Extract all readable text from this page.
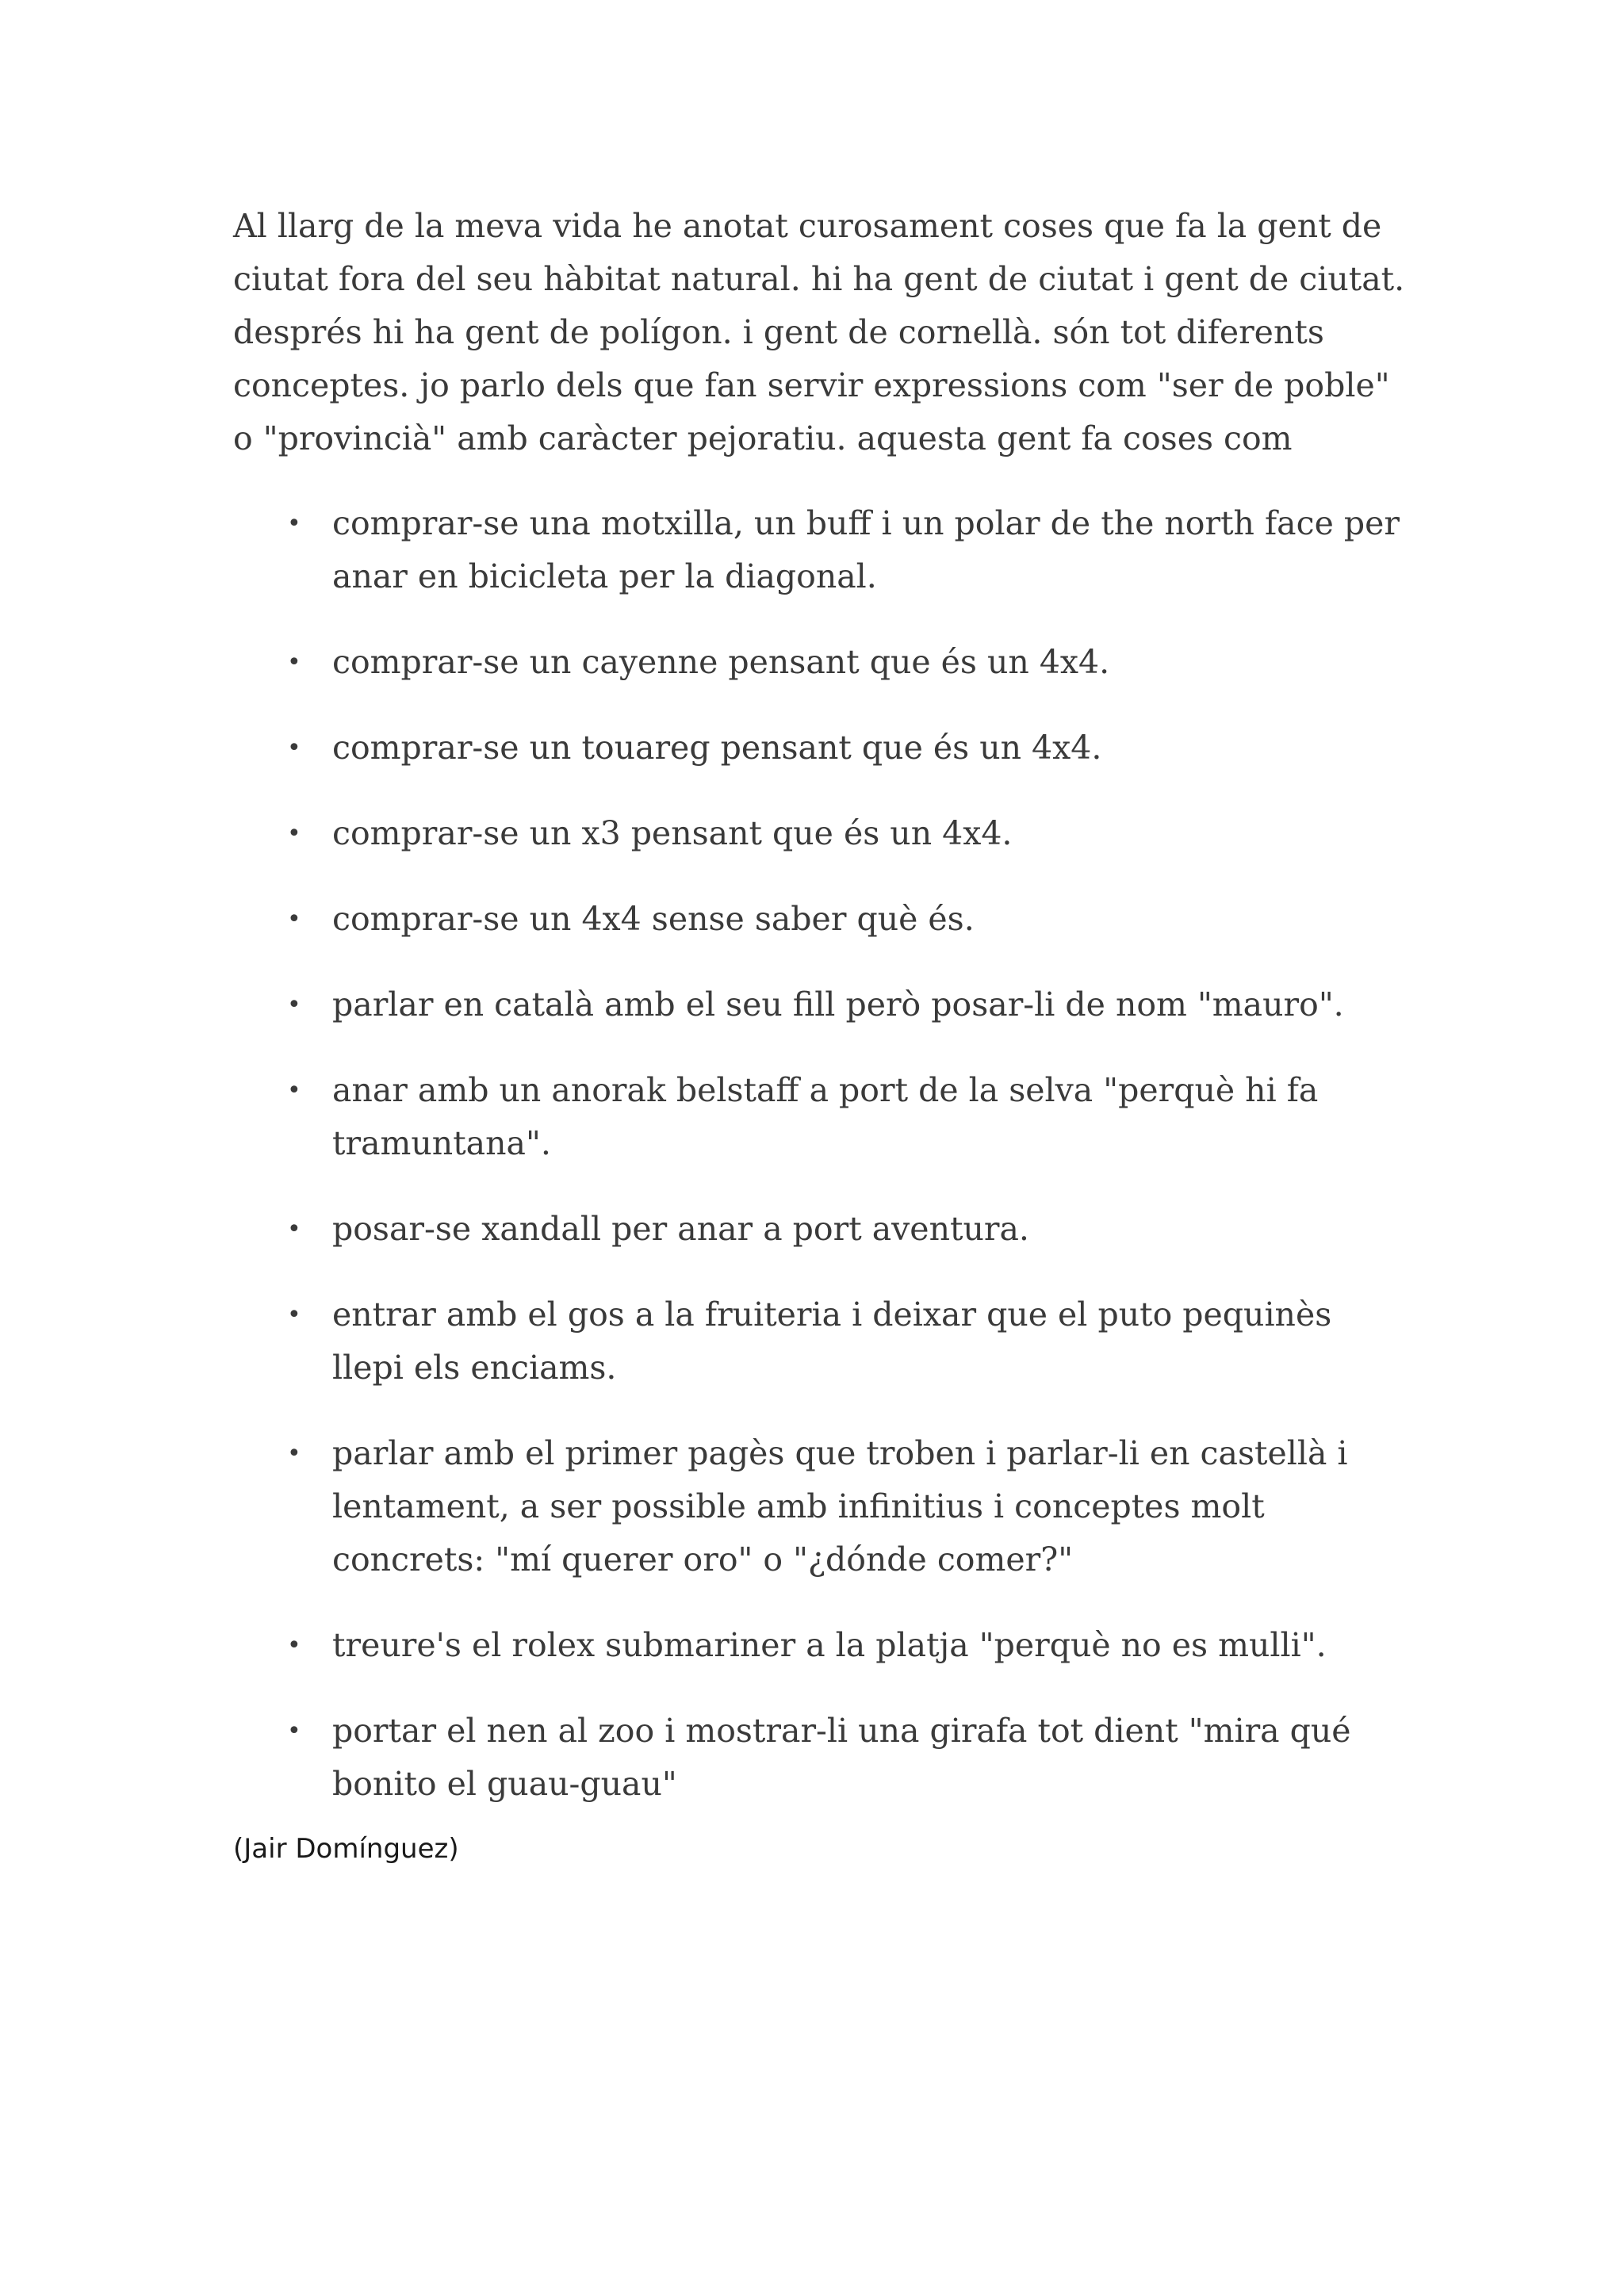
Al llarg de la meva vida he anotat curosament coses que fa la gent de ciutat fora del seu hàbitat natural. hi ha gent de ciutat i gent de ciutat. després hi ha gent de polígon. i gent de cornellà. són tot diferents conceptes. jo parlo dels que fan servir expressions com "ser de poble" o "provincià" amb caràcter pejoratiu. aquesta gent fa coses com

• comprar-se una motxilla, un buff i un polar de the north face per anar en bicicleta per la diagonal.
• comprar-se un cayenne pensant que és un 4x4.
• comprar-se un touareg pensant que és un 4x4.
• comprar-se un x3 pensant que és un 4x4.
• comprar-se un 4x4 sense saber què és.
• parlar en català amb el seu fill però posar-li de nom "mauro".
• anar amb un anorak belstaff a port de la selva "perquè hi fa tramuntana".
• posar-se xandall per anar a port aventura.
• entrar amb el gos a la fruiteria i deixar que el puto pequinès llepi els enciams.
• parlar amb el primer pagès que troben i parlar-li en castellà i lentament, a ser possible amb infinitius i conceptes molt concrets: "mí querer oro" o "¿dónde comer?"
• treure's el rolex submariner a la platja "perquè no es mulli".
• portar el nen al zoo i mostrar-li una girafa tot dient "mira qué bonito el guau-guau"
(Jair Domínguez)
